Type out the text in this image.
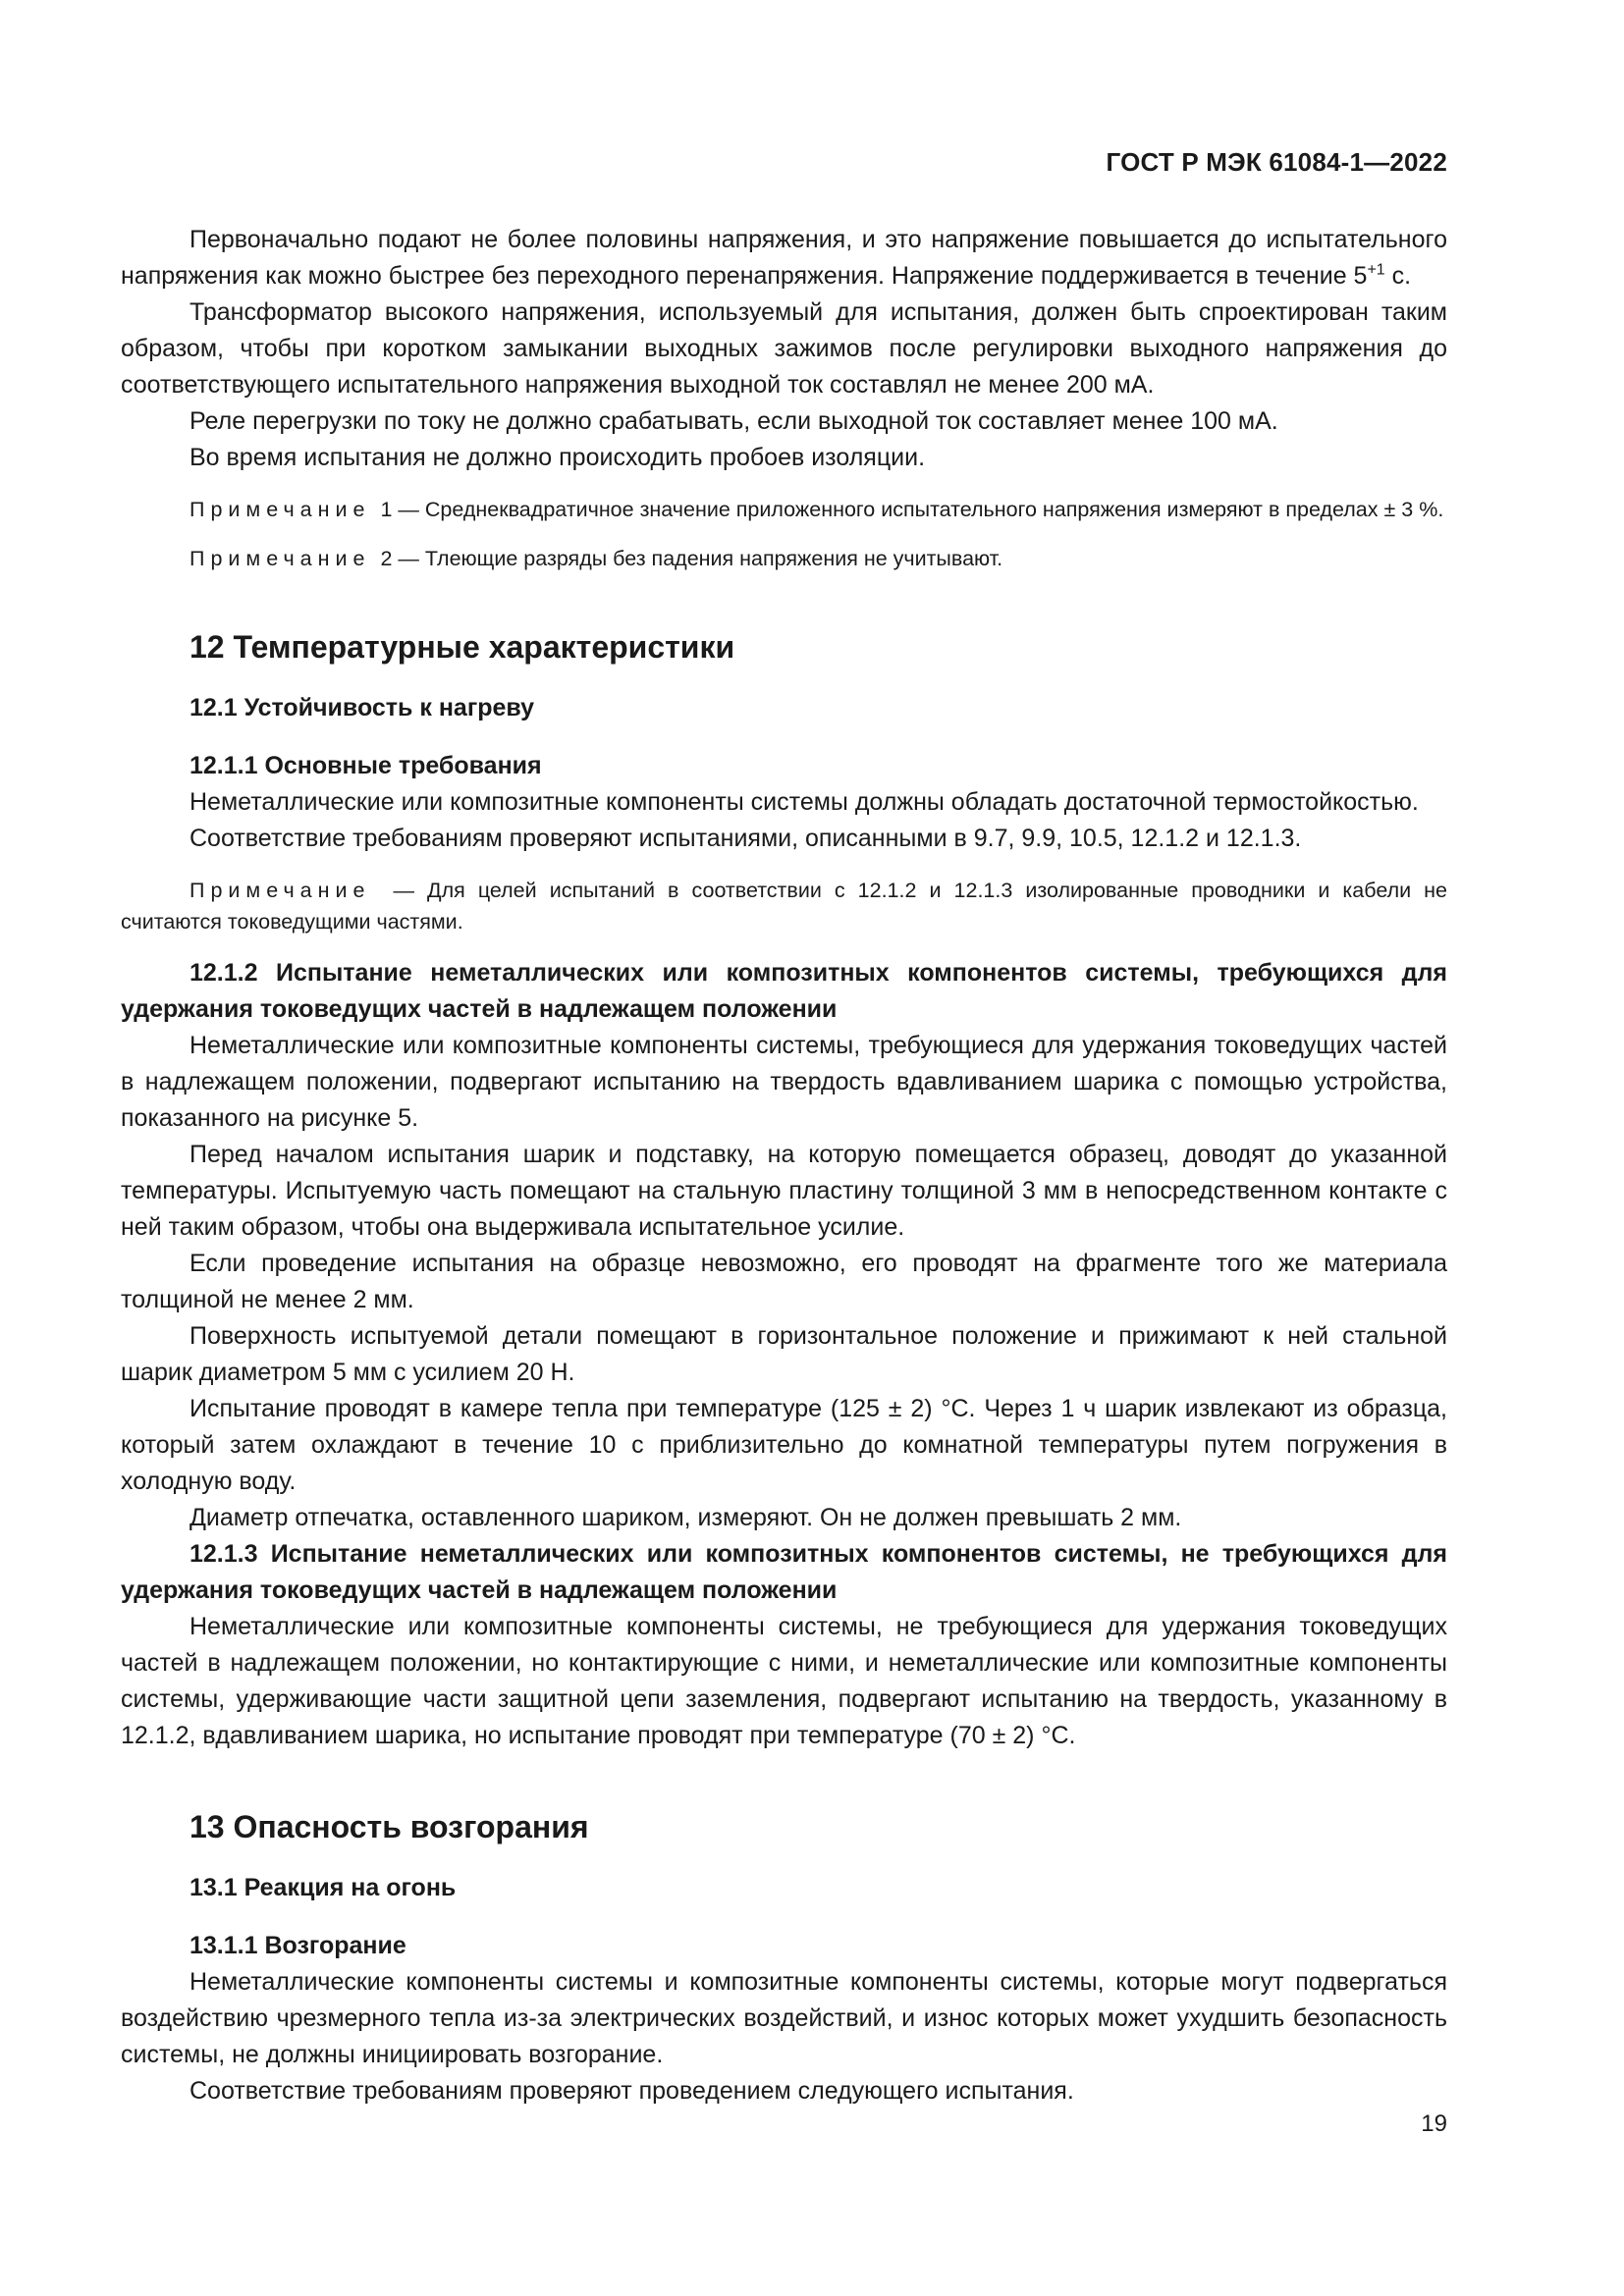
ГОСТ Р МЭК 61084-1—2022

Первоначально подают не более половины напряжения, и это напряжение повышается до испытательного напряжения как можно быстрее без переходного перенапряжения. Напряжение поддерживается в течение $5^{+1}$ с.

Трансформатор высокого напряжения, используемый для испытания, должен быть спроектирован таким образом, чтобы при коротком замыкании выходных зажимов после регулировки выходного напряжения до соответствующего испытательного напряжения выходной ток составлял не менее 200 мА.

Реле перегрузки по току не должно срабатывать, если выходной ток составляет менее 100 мА.

Во время испытания не должно происходить пробоев изоляции.

Примечание 1 — Среднеквадратичное значение приложенного испытательного напряжения измеряют в пределах ± 3 %.
Примечание 2 — Тлеющие разряды без падения напряжения не учитывают.
12 Температурные характеристики
12.1 Устойчивость к нагреву
12.1.1 Основные требования

Неметаллические или композитные компоненты системы должны обладать достаточной термостойкостью.

Соответствие требованиям проверяют испытаниями, описанными в 9.7, 9.9, 10.5, 12.1.2 и 12.1.3.

Примечание — Для целей испытаний в соответствии с 12.1.2 и 12.1.3 изолированные проводники и кабели не считаются токоведущими частями.
12.1.2 Испытание неметаллических или композитных компонентов системы, требующихся для удержания токоведущих частей в надлежащем положении

Неметаллические или композитные компоненты системы, требующиеся для удержания токоведущих частей в надлежащем положении, подвергают испытанию на твердость вдавливанием шарика с помощью устройства, показанного на рисунке 5.

Перед началом испытания шарик и подставку, на которую помещается образец, доводят до указанной температуры. Испытуемую часть помещают на стальную пластину толщиной 3 мм в непосредственном контакте с ней таким образом, чтобы она выдерживала испытательное усилие.

Если проведение испытания на образце невозможно, его проводят на фрагменте того же материала толщиной не менее 2 мм.

Поверхность испытуемой детали помещают в горизонтальное положение и прижимают к ней стальной шарик диаметром 5 мм с усилием 20 Н.

Испытание проводят в камере тепла при температуре (125 ± 2) °С. Через 1 ч шарик извлекают из образца, который затем охлаждают в течение 10 с приблизительно до комнатной температуры путем погружения в холодную воду.

Диаметр отпечатка, оставленного шариком, измеряют. Он не должен превышать 2 мм.

12.1.3 Испытание неметаллических или композитных компонентов системы, не требующихся для удержания токоведущих частей в надлежащем положении

Неметаллические или композитные компоненты системы, не требующиеся для удержания токоведущих частей в надлежащем положении, но контактирующие с ними, и неметаллические или композитные компоненты системы, удерживающие части защитной цепи заземления, подвергают испытанию на твердость, указанному в 12.1.2, вдавливанием шарика, но испытание проводят при температуре (70 ± 2) °С.

13 Опасность возгорания
13.1 Реакция на огонь
13.1.1 Возгорание

Неметаллические компоненты системы и композитные компоненты системы, которые могут подвергаться воздействию чрезмерного тепла из-за электрических воздействий, и износ которых может ухудшить безопасность системы, не должны инициировать возгорание.

Соответствие требованиям проверяют проведением следующего испытания.

19
